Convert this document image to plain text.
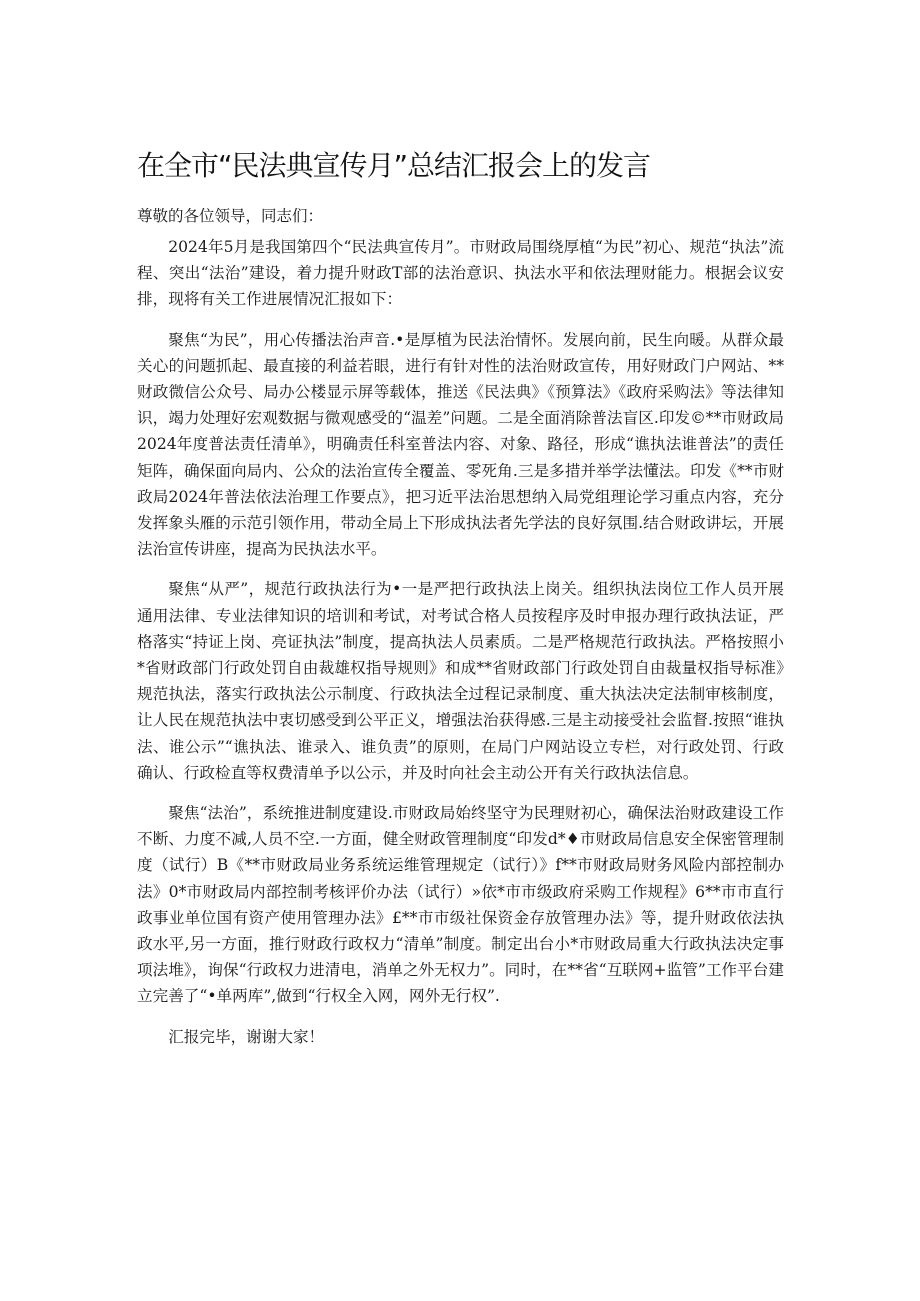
在全市“民法典宣传月”总结汇报会上的发言

尊敬的各位领导，同志们：

2024年5月是我国第四个“民法典宣传月”。市财政局围绕厚植“为民”初心、规范“执法”流程、突出“法治”建设，着力提升财政T部的法治意识、执法水平和依法理财能力。根据会议安排，现将有关工作进展情况汇报如下：

聚焦“为民”，用心传播法治声音.•是厚植为民法治情怀。发展向前，民生向暖。从群众最关心的问题抓起、最直接的利益若眼，进行有针对性的法治财政宣传，用好财政门户网站、**财政微信公众号、局办公楼显示屏等载体，推送《民法典》《预算法》《政府采购法》等法律知识，竭力处理好宏观数据与微观感受的“温差”问题。二是全面消除普法盲区.印发©**市财政局2024年度普法责任清单》，明确责任科室普法内容、对象、路径，形成“谯执法谁普法”的责任矩阵，确保面向局内、公众的法治宣传全覆盖、零死角.三是多措并举学法懂法。印发《**市财政局2024年普法依法治理工作要点》，把习近平法治思想纳入局党组理论学习重点内容，充分发挥象头雁的示范引领作用，带动全局上下形成执法者先学法的良好氛围.结合财政讲坛，开展法治宣传讲座，提高为民执法水平。

聚焦“从严”，规范行政执法行为•一是严把行政执法上岗关。组织执法岗位工作人员开展通用法律、专业法律知识的培训和考试，对考试合格人员按程序及时申报办理行政执法证，严格落实“持证上岗、亮证执法”制度，提高执法人员素质。二是严格规范行政执法。严格按照小*省财政部门行政处罚自由裁雄权指导规则》和成**省财政部门行政处罚自由裁量权指导标准》规范执法，落实行政执法公示制度、行政执法全过程记录制度、重大执法决定法制审核制度，让人民在规范执法中衷切感受到公平正义，增强法治获得感.三是主动接受社会监督.按照“谁执法、谁公示”“谯执法、谁录入、谁负责”的原则，在局门户网站设立专栏，对行政处罚、行政确认、行政检直等权费清单予以公示，并及时向社会主动公开有关行政执法信息。

聚焦“法治”，系统推进制度建设.市财政局始终坚守为民理财初心，确保法治财政建设工作不断、力度不减,人员不空.一方面，健全财政管理制度“印发d*♦市财政局信息安全保密管理制度（试行）B《**市财政局业务系统运维管理规定（试行）》f**市财政局财务风险内部控制办法》0*市财政局内部控制考核评价办法（试行）»依*市市级政府采购工作规程》6**市市直行政事业单位国有资产使用管理办法》£**市市级社保资金存放管理办法》等，提升财政依法执政水平,另一方面，推行财政行政权力“清单”制度。制定出台小*市财政局重大行政执法决定事项法堆》，询保“行政权力进清电，消单之外无权力”。同时，在**省“互联网+监管”工作平台建立完善了“•单两库”,做到“行权全入网，网外无行权”.

汇报完毕，谢谢大家！
